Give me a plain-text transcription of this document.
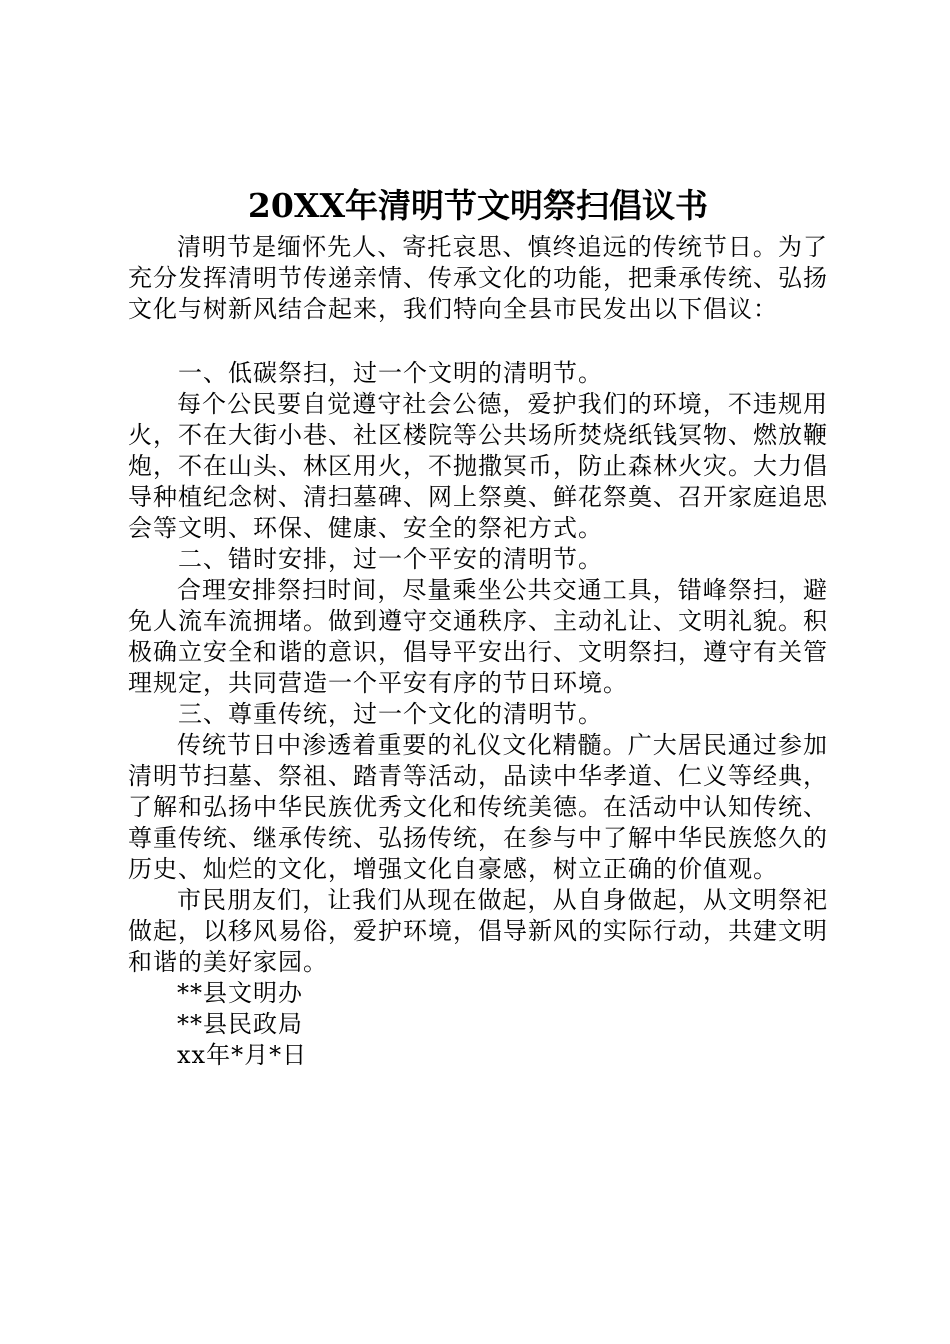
20XX年清明节文明祭扫倡议书

清明节是缅怀先人、寄托哀思、慎终追远的传统节日。为了充分发挥清明节传递亲情、传承文化的功能，把秉承传统、弘扬文化与树新风结合起来，我们特向全县市民发出以下倡议：

一、低碳祭扫，过一个文明的清明节。

每个公民要自觉遵守社会公德，爱护我们的环境，不违规用火，不在大街小巷、社区楼院等公共场所焚烧纸钱冥物、燃放鞭炮，不在山头、林区用火，不抛撒冥币，防止森林火灾。大力倡导种植纪念树、清扫墓碑、网上祭奠、鲜花祭奠、召开家庭追思会等文明、环保、健康、安全的祭祀方式。

二、错时安排，过一个平安的清明节。

合理安排祭扫时间，尽量乘坐公共交通工具，错峰祭扫，避免人流车流拥堵。做到遵守交通秩序、主动礼让、文明礼貌。积极确立安全和谐的意识，倡导平安出行、文明祭扫，遵守有关管理规定，共同营造一个平安有序的节日环境。

三、尊重传统，过一个文化的清明节。

传统节日中渗透着重要的礼仪文化精髓。广大居民通过参加清明节扫墓、祭祖、踏青等活动，品读中华孝道、仁义等经典，了解和弘扬中华民族优秀文化和传统美德。在活动中认知传统、尊重传统、继承传统、弘扬传统，在参与中了解中华民族悠久的历史、灿烂的文化，增强文化自豪感，树立正确的价值观。

市民朋友们，让我们从现在做起，从自身做起，从文明祭祀做起，以移风易俗，爱护环境，倡导新风的实际行动，共建文明和谐的美好家园。

**县文明办

**县民政局

xx年*月*日
